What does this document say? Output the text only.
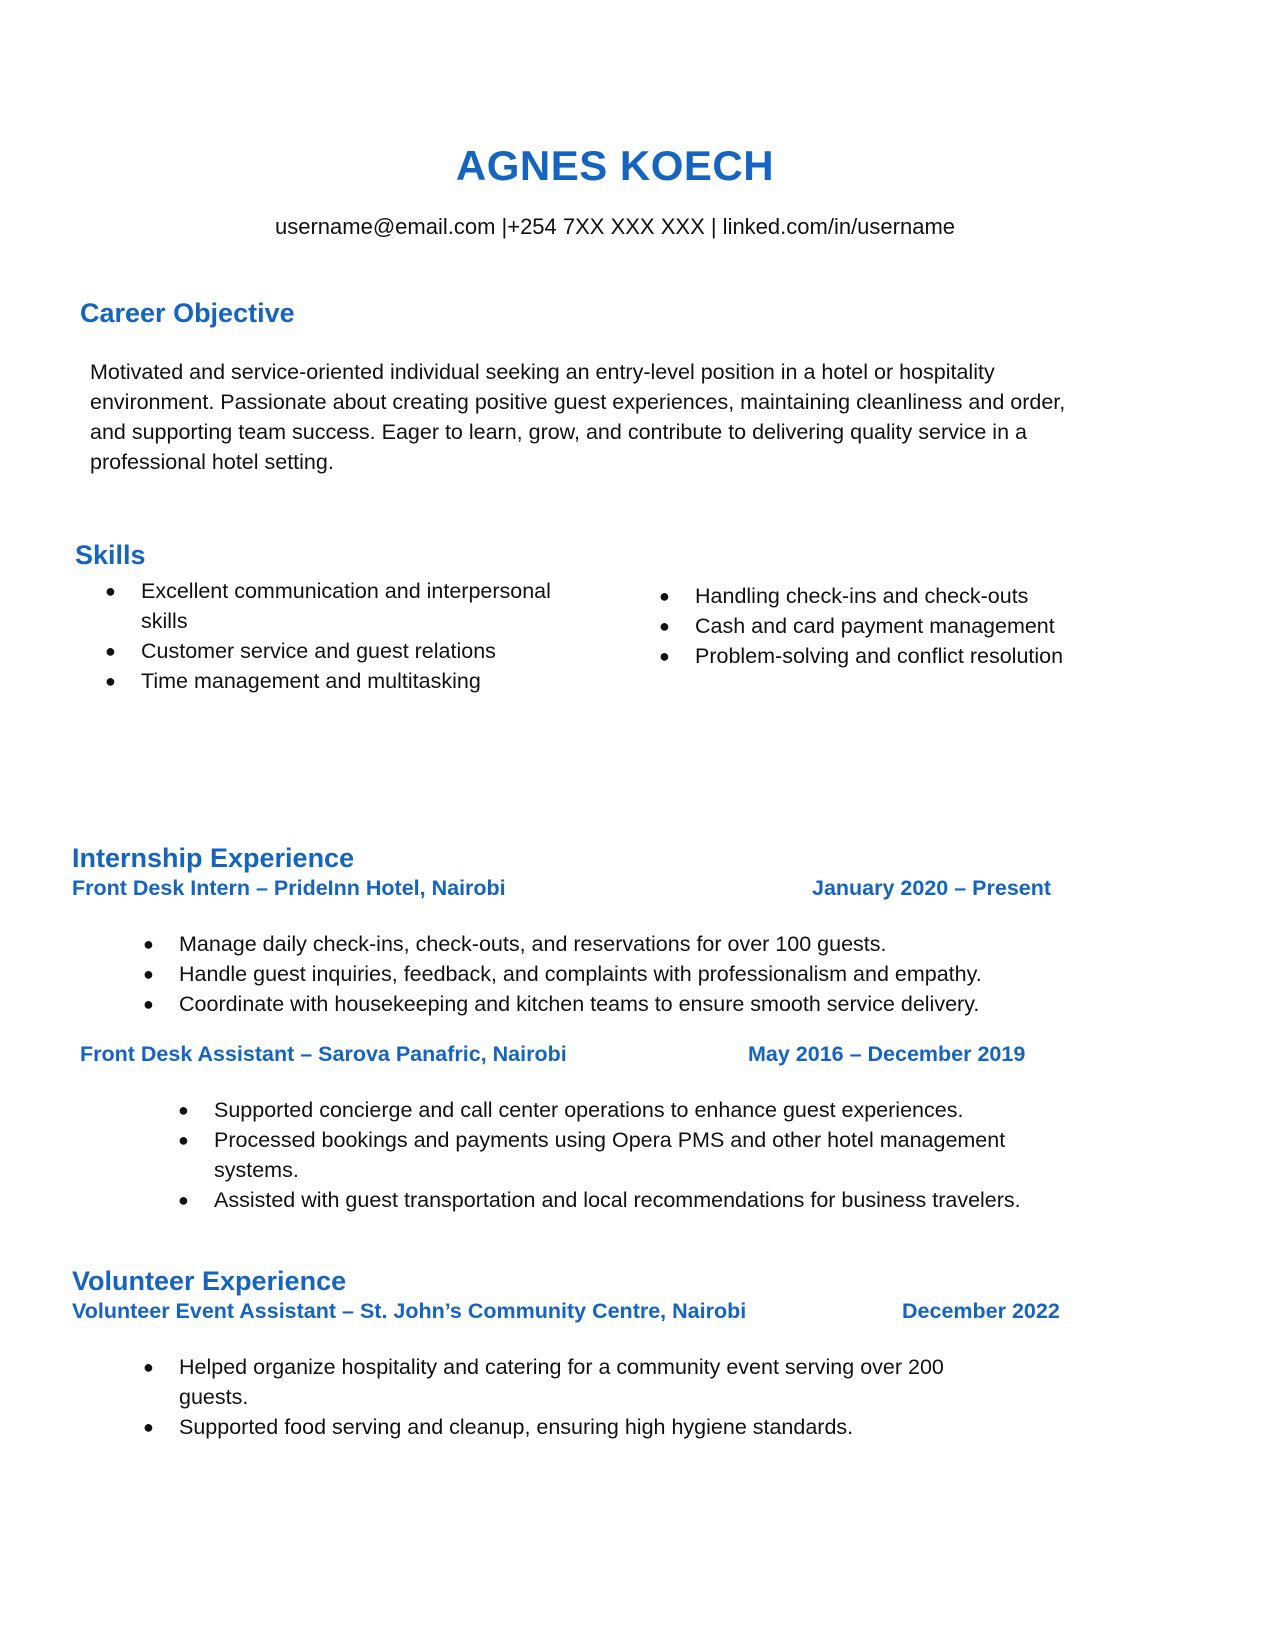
AGNES KOECH
username@email.com |+254 7XX XXX XXX | linked.com/in/username
Career Objective
Motivated and service-oriented individual seeking an entry-level position in a hotel or hospitality environment. Passionate about creating positive guest experiences, maintaining cleanliness and order, and supporting team success. Eager to learn, grow, and contribute to delivering quality service in a professional hotel setting.
Skills
● Excellent communication and interpersonal skills
● Customer service and guest relations
● Time management and multitasking
● Handling check-ins and check-outs
● Cash and card payment management
● Problem-solving and conflict resolution
Internship Experience
Front Desk Intern – PrideInn Hotel, Nairobi	January 2020 – Present
● Manage daily check-ins, check-outs, and reservations for over 100 guests.
● Handle guest inquiries, feedback, and complaints with professionalism and empathy.
● Coordinate with housekeeping and kitchen teams to ensure smooth service delivery.
Front Desk Assistant – Sarova Panafric, Nairobi	May 2016 – December 2019
● Supported concierge and call center operations to enhance guest experiences.
● Processed bookings and payments using Opera PMS and other hotel management systems.
● Assisted with guest transportation and local recommendations for business travelers.
Volunteer Experience
Volunteer Event Assistant – St. John’s Community Centre, Nairobi	December 2022
● Helped organize hospitality and catering for a community event serving over 200 guests.
● Supported food serving and cleanup, ensuring high hygiene standards.
